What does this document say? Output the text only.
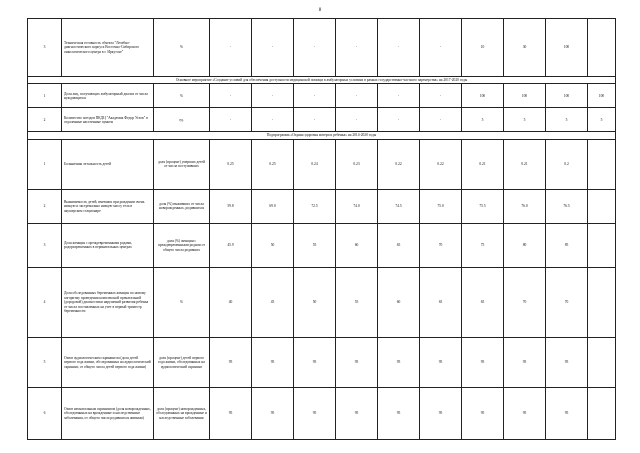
8
3	Техническая готовность объекта "Лечебно-диагностического корпуса Восточно-Сибирского онкологического центра в г. Иркутске"	%	-	-	-	-	-	-	10	30	100	
Основное мероприятие «Создание условий для обеспечения доступности медицинской помощи в амбулаторных условиях в рамках государственно-частного партнерства» на 2017-2020 годы												
1	Доля лиц, получающих амбулаторный диализ от числа нуждающихся	%	-	-	-	-	-	-	100	100	100	100
2	Количество поездов ПКДЦ "Академик Федор Углов" в отдаленные населенные пункты	ед.	-	-	-	-	-	-	5	5	5	5
Подпрограмма «Охрана здоровья матери и ребенка» на 2014-2020 годы												
1	Больничная летальность детей	доля (процент) умерших детей от числа поступивших	0.25	0.25	0.24	0.23	0.22	0.22	0.21	0.21	0.2	
2	Выживаемость детей, имевших при рождении очень низкую и экстремально низкую массу тела в акушерском стационаре	доля (%) выживших от числа новорожденных, родившихся	59.8	69.0	72.5	74.0	74.5	75.0	75.5	76.0	76.5	
3	Доля женщин с преждевременными родами, родоразрешенных в перинатальных центрах	доля (%) женщин с преждевременными родами от общего числа родивших	45.9	50	55	60	65	70	75	80	85	
4	Доля обследованных беременных женщин по новому алгоритму проведения комплексной пренатальной (дородовой) диагностики нарушений развития ребенка от числа поставленных на учет в первый триместр беременности	%	40	45	50	55	60	65	65	70	70	
5	Охват аудиологическим скринингом (доля детей первого года жизни, обследованных на аудиологический скрининг, от общего числа детей первого года жизни)	доля (процент) детей первого года жизни, обследованных на аудиологический скрининг	95	95	95	95	95	95	95	95	95	
6	Охват неонатальным скринингом (доля новорожденных, обследованных на врожденные и наследственные заболевания, от общего числа родившихся живыми)	доля (процент) новорожденных, обследованных на врожденные и наследственные заболевания	95	95	95	95	95	95	95	95	95	
